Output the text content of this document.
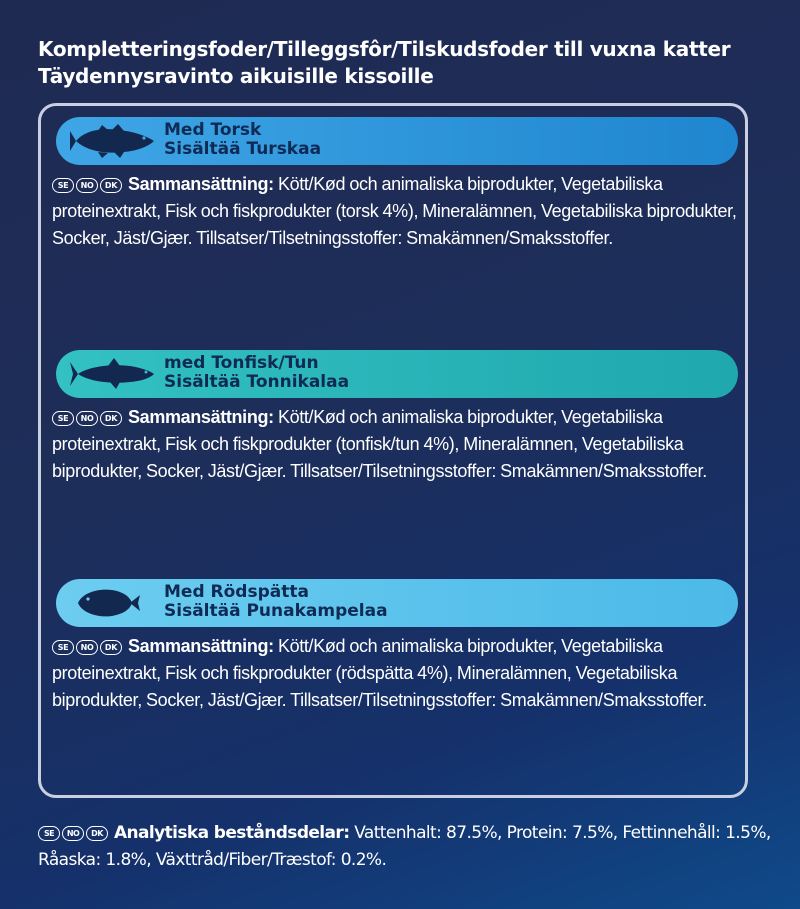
Kompletteringsfoder/Tilleggsfôr/Tilskudsfoder till vuxna katter
Täydennysravinto aikuisille kissoille
Med Torsk
Sisältää Turskaa
SE NO DK Sammansättning: Kött/Kød och animaliska biprodukter, Vegetabiliska proteinextrakt, Fisk och fiskprodukter (torsk 4%), Mineralämnen, Vegetabiliska biprodukter, Socker, Jäst/Gjær. Tillsatser/Tilsetningsstoffer: Smakämnen/Smaksstoffer.
med Tonfisk/Tun
Sisältää Tonnikalaa
SE NO DK Sammansättning: Kött/Kød och animaliska biprodukter, Vegetabiliska proteinextrakt, Fisk och fiskprodukter (tonfisk/tun 4%), Mineralämnen, Vegetabiliska biprodukter, Socker, Jäst/Gjær. Tillsatser/Tilsetningsstoffer: Smakämnen/Smaksstoffer.
Med Rödspätta
Sisältää Punakampelaa
SE NO DK Sammansättning: Kött/Kød och animaliska biprodukter, Vegetabiliska proteinextrakt, Fisk och fiskprodukter (rödspätta 4%), Mineralämnen, Vegetabiliska biprodukter, Socker, Jäst/Gjær. Tillsatser/Tilsetningsstoffer: Smakämnen/Smaksstoffer.
SE NO DK Analytiska beståndsdelar: Vattenhalt: 87.5%, Protein: 7.5%, Fettinnehåll: 1.5%, Råaska: 1.8%, Växttråd/Fiber/Træstof: 0.2%.
